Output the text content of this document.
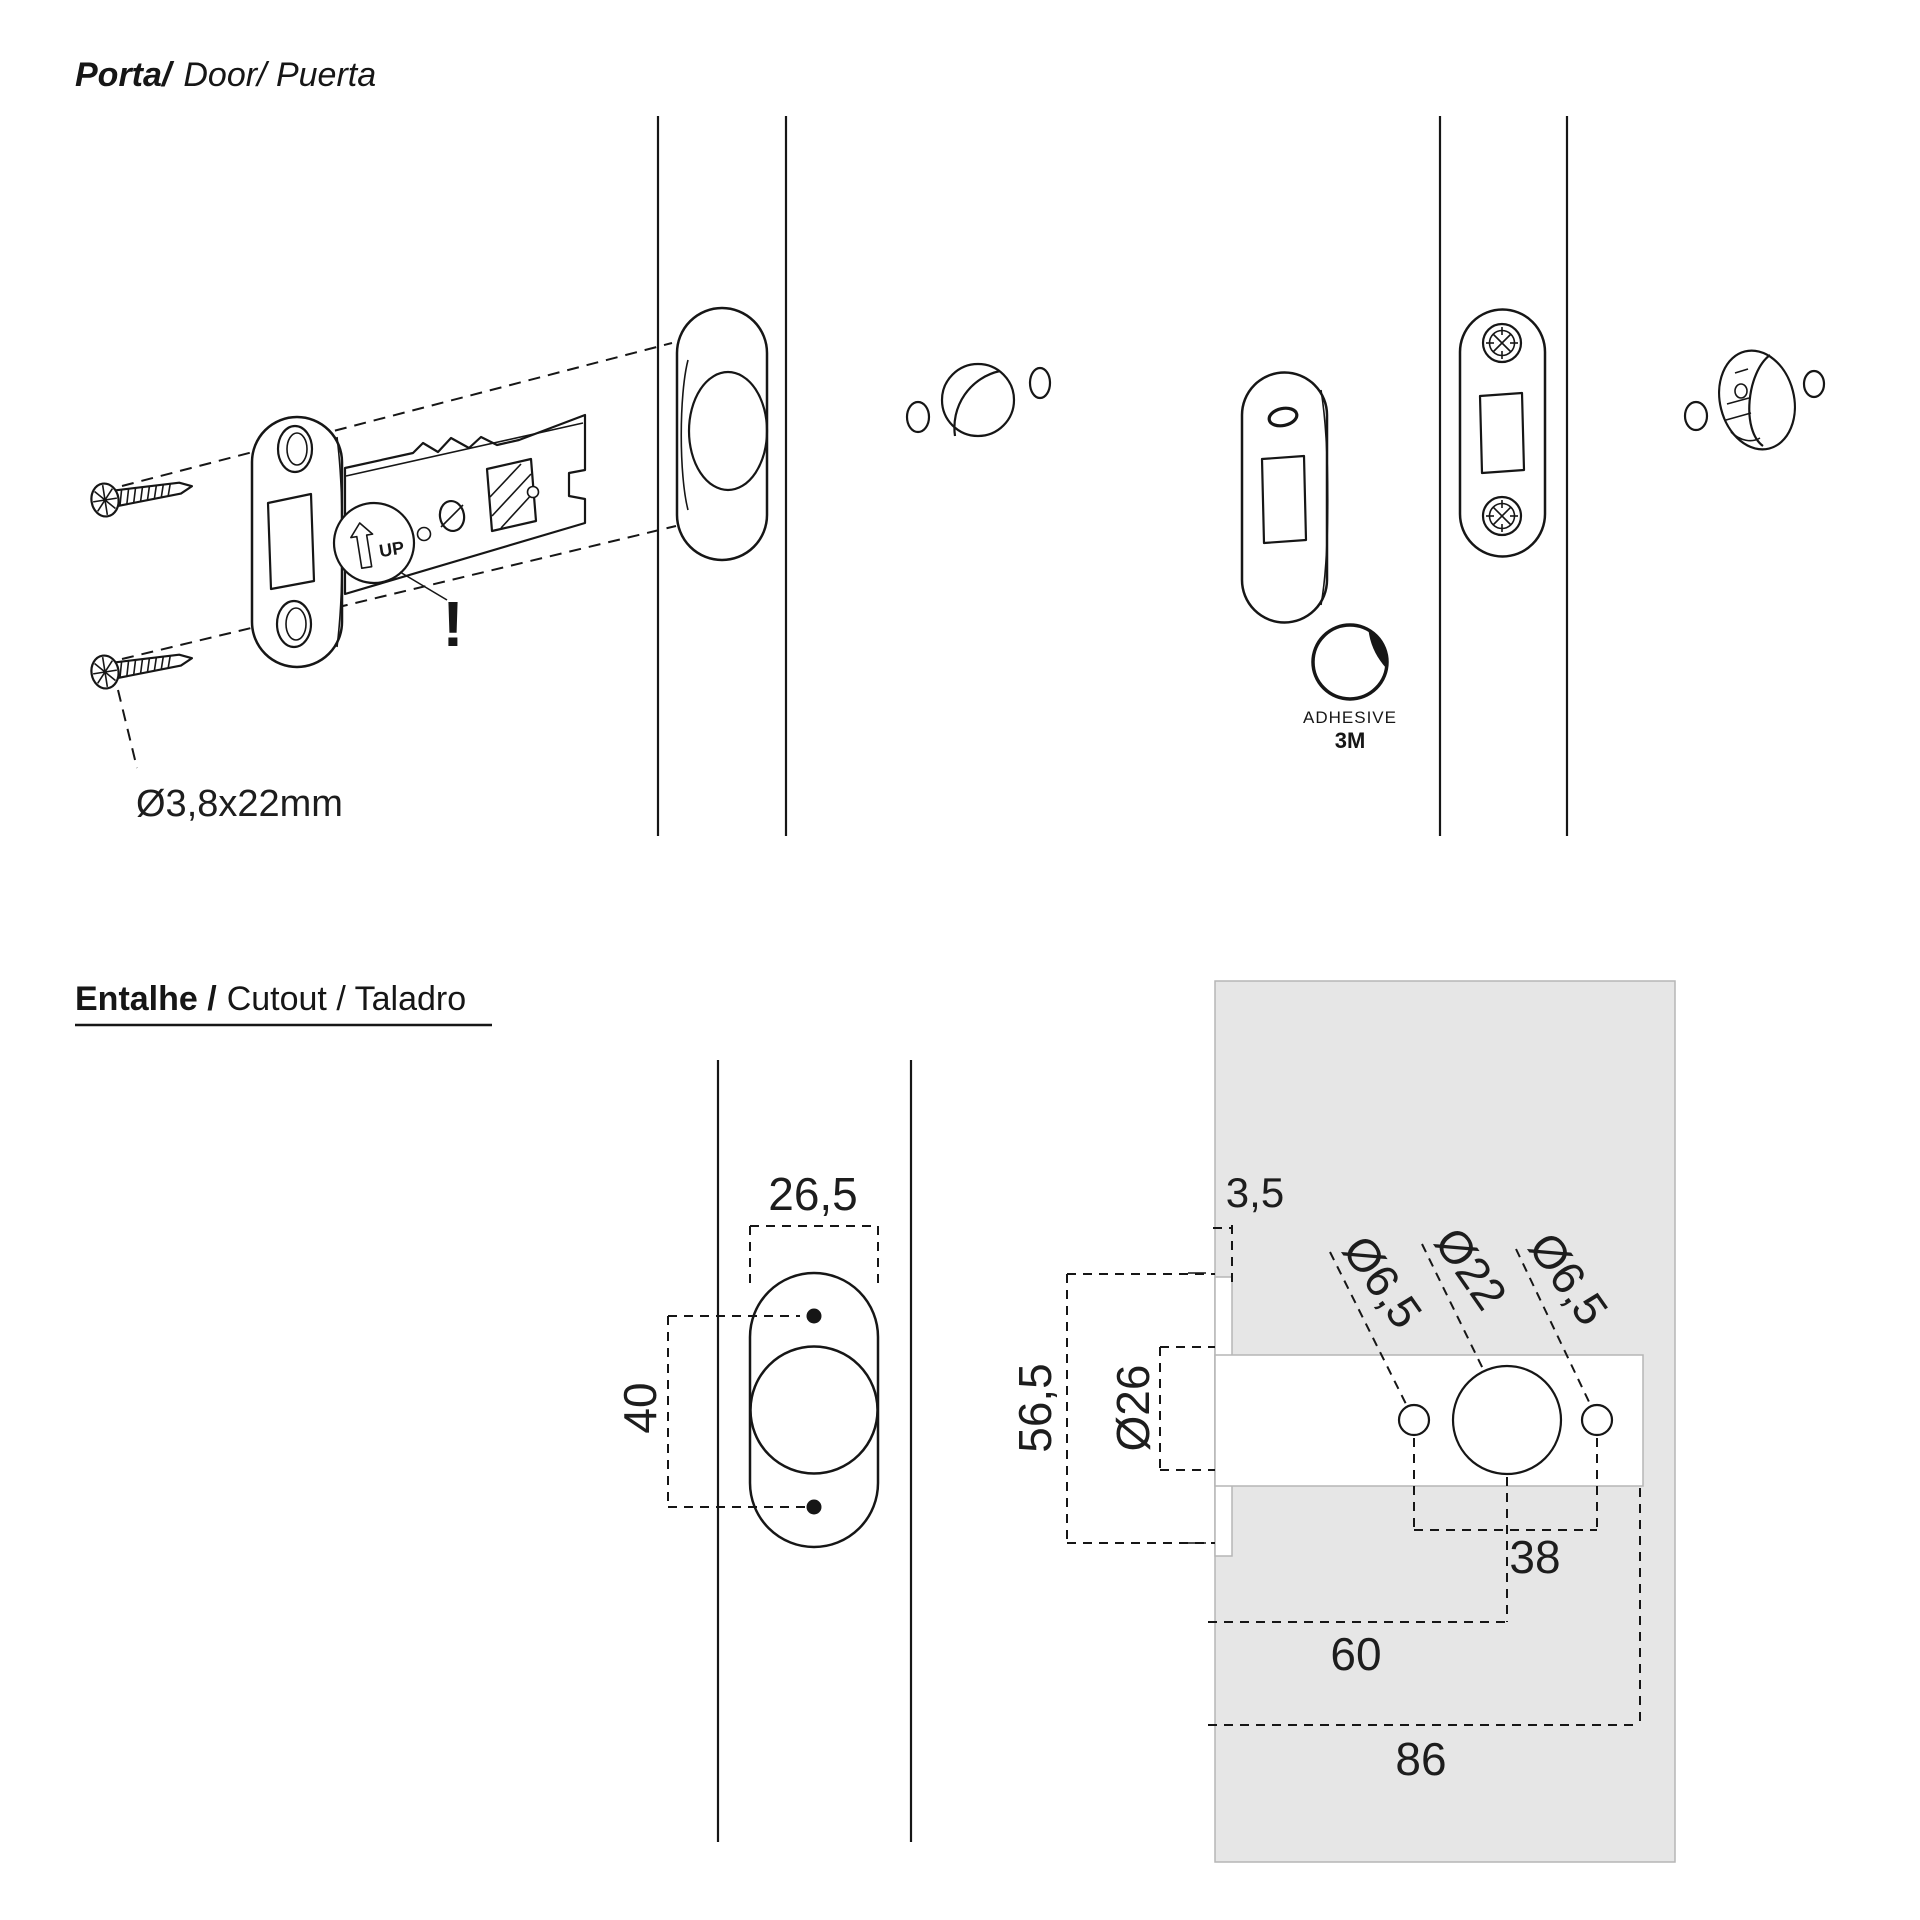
Porta/ Door/ Puerta
Ø3,8x22mm
UP
!
ADHESIVE
3M
Entalhe / Cutout / Taladro
26,5
40
3,5
56,5 Ø26
Ø6,5
Ø22 Ø6,5
38
60
86
